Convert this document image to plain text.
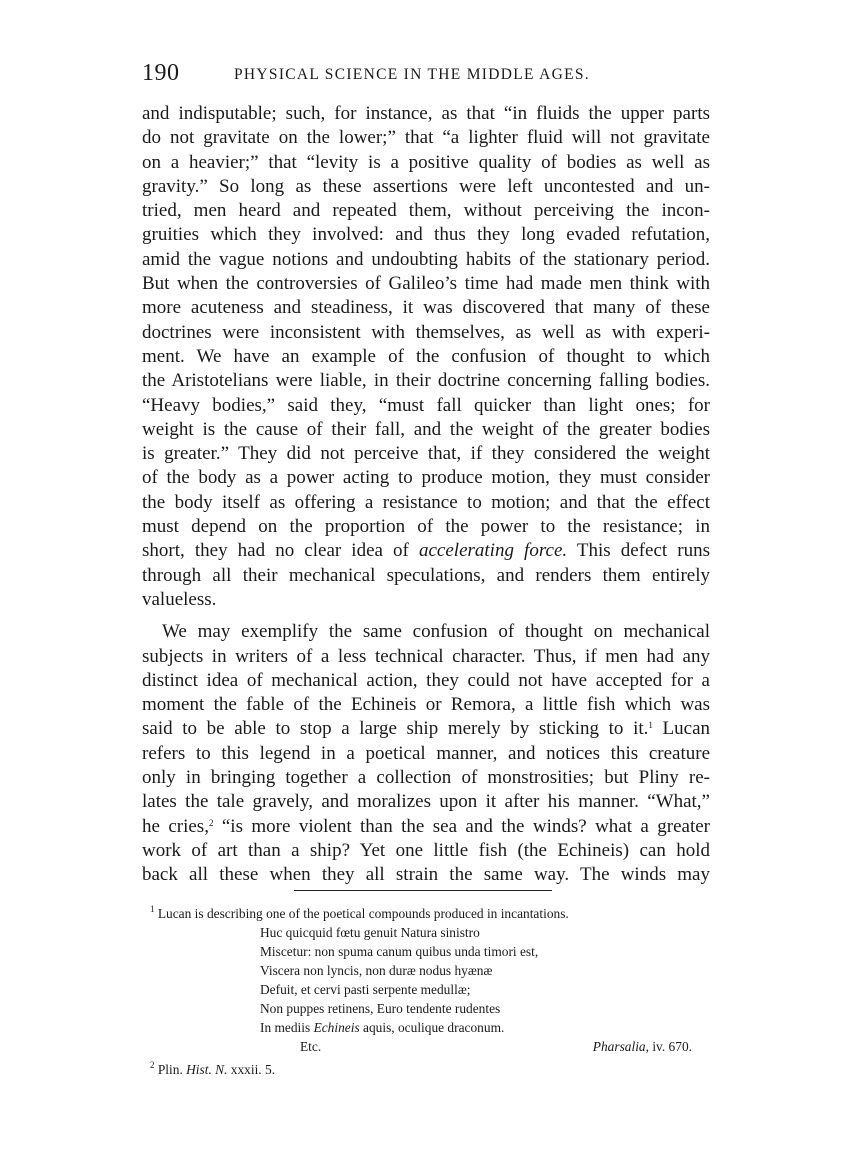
190	PHYSICAL SCIENCE IN THE MIDDLE AGES.

and indisputable; such, for instance, as that “in fluids the upper parts
do not gravitate on the lower;” that “a lighter fluid will not gravitate
on a heavier;” that “levity is a positive quality of bodies as well as
gravity.” So long as these assertions were left uncontested and un-
tried, men heard and repeated them, without perceiving the incon-
gruities which they involved: and thus they long evaded refutation,
amid the vague notions and undoubting habits of the stationary period.
But when the controversies of Galileo’s time had made men think with
more acuteness and steadiness, it was discovered that many of these
doctrines were inconsistent with themselves, as well as with experi-
ment. We have an example of the confusion of thought to which
the Aristotelians were liable, in their doctrine concerning falling bodies.
“Heavy bodies,” said they, “must fall quicker than light ones; for
weight is the cause of their fall, and the weight of the greater bodies
is greater.” They did not perceive that, if they considered the weight
of the body as a power acting to produce motion, they must consider
the body itself as offering a resistance to motion; and that the effect
must depend on the proportion of the power to the resistance; in
short, they had no clear idea of accelerating force. This defect runs
through all their mechanical speculations, and renders them entirely
valueless.

We may exemplify the same confusion of thought on mechanical
subjects in writers of a less technical character. Thus, if men had any
distinct idea of mechanical action, they could not have accepted for a
moment the fable of the Echineis or Remora, a little fish which was
said to be able to stop a large ship merely by sticking to it.$^1$ Lucan
refers to this legend in a poetical manner, and notices this creature
only in bringing together a collection of monstrosities; but Pliny re-
lates the tale gravely, and moralizes upon it after his manner. “What,”
he cries,$^2$ “is more violent than the sea and the winds? what a greater
work of art than a ship? Yet one little fish (the Echineis) can hold
back all these when they all strain the same way. The winds may

$^1$ Lucan is describing one of the poetical compounds produced in incantations.
Huc quicquid fœtu genuit Natura sinistro
Miscetur: non spuma canum quibus unda timori est,
Viscera non lyncis, non duræ nodus hyænæ
Defuit, et cervi pasti serpente medullæ;
Non puppes retinens, Euro tendente rudentes
In mediis Echineis aquis, oculique draconum.
Etc.	Pharsalia, iv. 670.
$^2$ Plin. Hist. N. xxxii. 5.
